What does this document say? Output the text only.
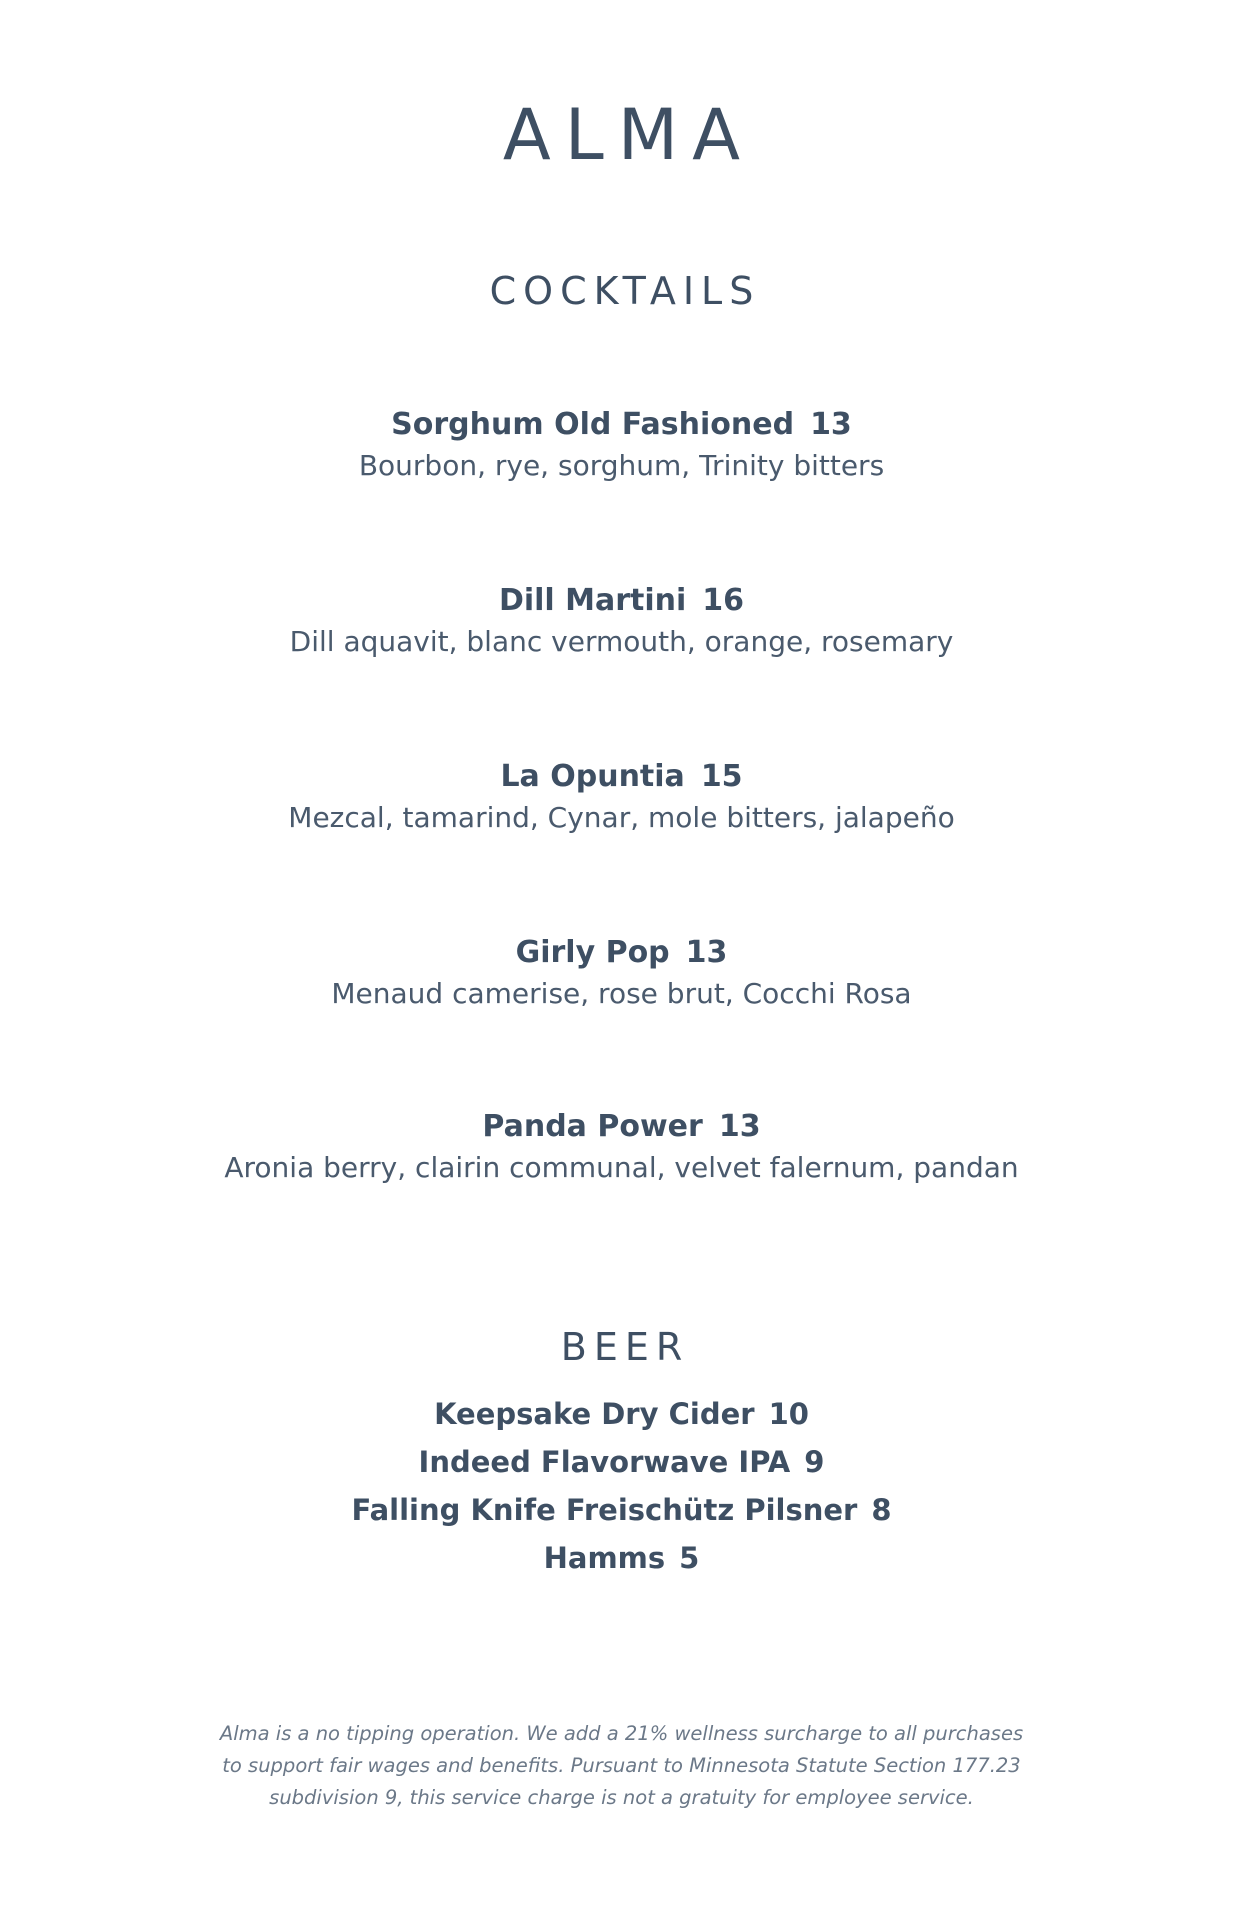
ALMA
COCKTAILS
Sorghum Old Fashioned 13
Bourbon, rye, sorghum, Trinity bitters
Dill Martini 16
Dill aquavit, blanc vermouth, orange, rosemary
La Opuntia 15
Mezcal, tamarind, Cynar, mole bitters, jalapeño
Girly Pop 13
Menaud camerise, rose brut, Cocchi Rosa
Panda Power 13
Aronia berry, clairin communal, velvet falernum, pandan
BEER
Keepsake Dry Cider 10
Indeed Flavorwave IPA 9
Falling Knife Freischütz Pilsner 8
Hamms 5
Alma is a no tipping operation. We add a 21% wellness surcharge to all purchases
to support fair wages and benefits. Pursuant to Minnesota Statute Section 177.23
subdivision 9, this service charge is not a gratuity for employee service.
